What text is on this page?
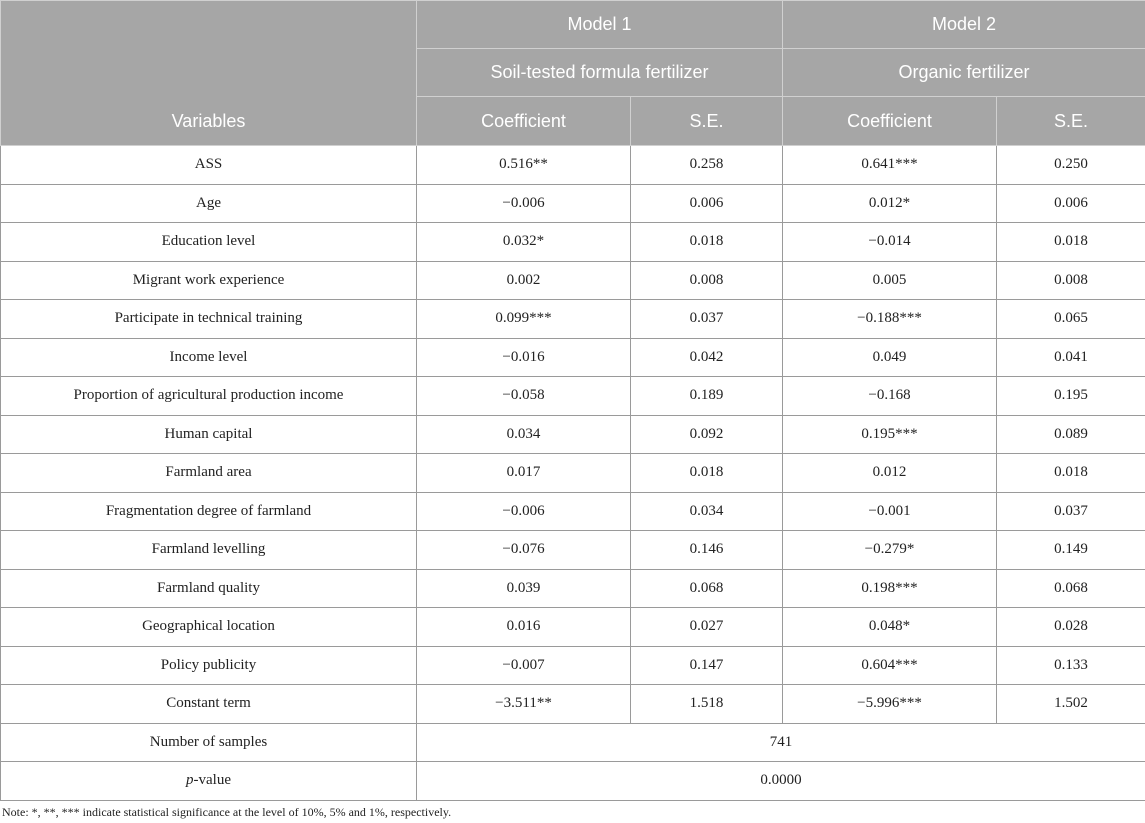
Variables	Model 1		Model 2	
	Soil-tested formula fertilizer		Organic fertilizer	
	Coefficient	S.E.	Coefficient	S.E.
ASS	0.516**	0.258	0.641***	0.250
Age	−0.006	0.006	0.012*	0.006
Education level	0.032*	0.018	−0.014	0.018
Migrant work experience	0.002	0.008	0.005	0.008
Participate in technical training	0.099***	0.037	−0.188***	0.065
Income level	−0.016	0.042	0.049	0.041
Proportion of agricultural production income	−0.058	0.189	−0.168	0.195
Human capital	0.034	0.092	0.195***	0.089
Farmland area	0.017	0.018	0.012	0.018
Fragmentation degree of farmland	−0.006	0.034	−0.001	0.037
Farmland levelling	−0.076	0.146	−0.279*	0.149
Farmland quality	0.039	0.068	0.198***	0.068
Geographical location	0.016	0.027	0.048*	0.028
Policy publicity	−0.007	0.147	0.604***	0.133
Constant term	−3.511**	1.518	−5.996***	1.502
Number of samples	741			
p-value	0.0000			
Note: *, **, *** indicate statistical significance at the level of 10%, 5% and 1%, respectively.
